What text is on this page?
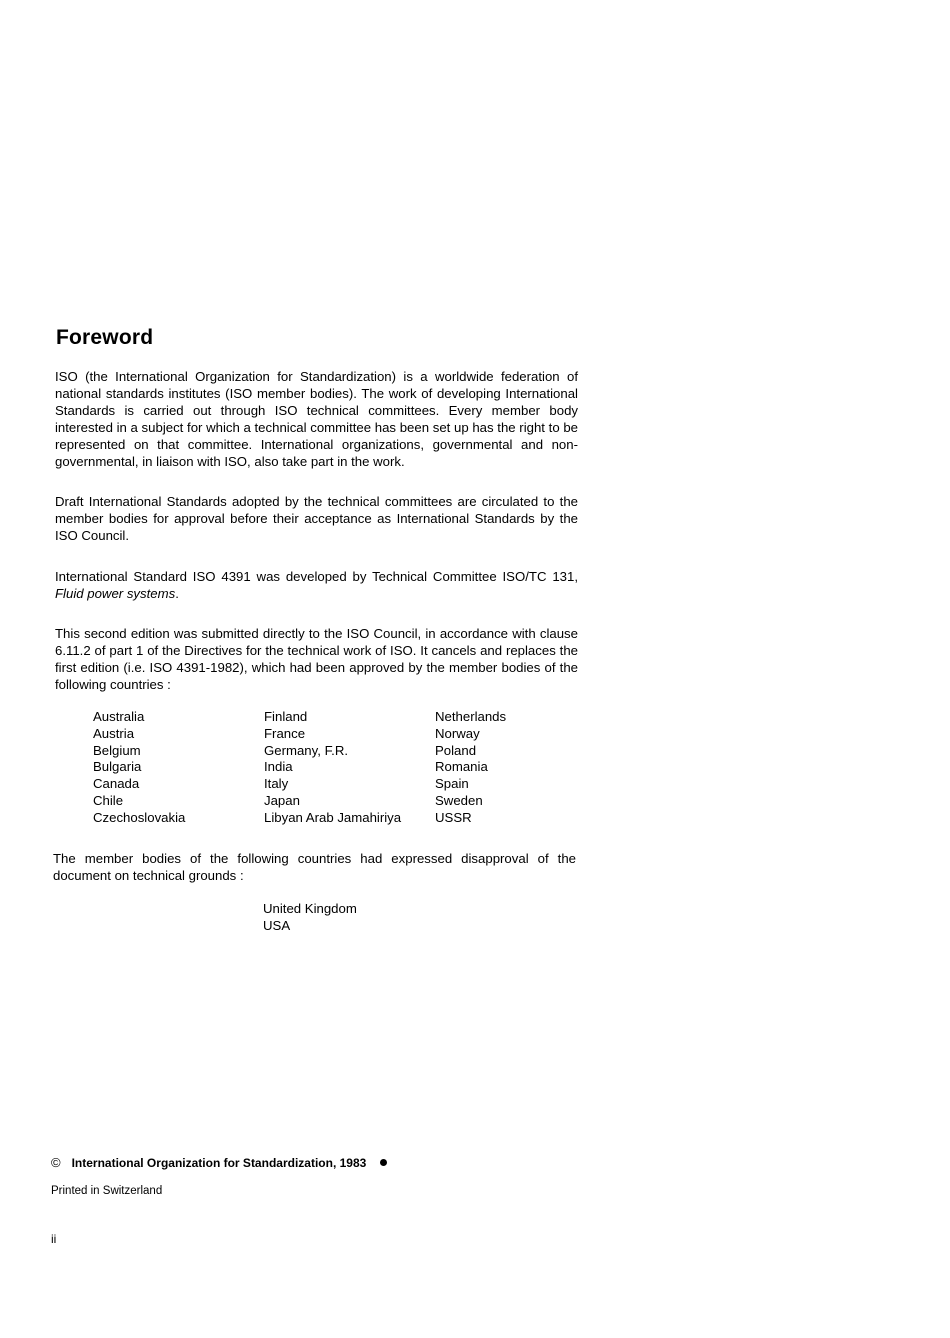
Foreword

ISO (the International Organization for Standardization) is a worldwide federation of national standards institutes (ISO member bodies). The work of developing International Standards is carried out through ISO technical committees. Every member body interested in a subject for which a technical committee has been set up has the right to be represented on that committee. International organizations, governmental and non-governmental, in liaison with ISO, also take part in the work.

Draft International Standards adopted by the technical committees are circulated to the member bodies for approval before their acceptance as International Standards by the ISO Council.

International Standard ISO 4391 was developed by Technical Committee ISO/TC 131, Fluid power systems.

This second edition was submitted directly to the ISO Council, in accordance with clause 6.11.2 of part 1 of the Directives for the technical work of ISO. It cancels and replaces the first edition (i.e. ISO 4391-1982), which had been approved by the member bodies of the following countries :

Australia	Finland	Netherlands
Austria	France	Norway
Belgium	Germany, F.R.	Poland
Bulgaria	India	Romania
Canada	Italy	Spain
Chile	Japan	Sweden
Czechoslovakia	Libyan Arab Jamahiriya	USSR

The member bodies of the following countries had expressed disapproval of the document on technical grounds :

United Kingdom
USA
© International Organization for Standardization, 1983
Printed in Switzerland
ii
